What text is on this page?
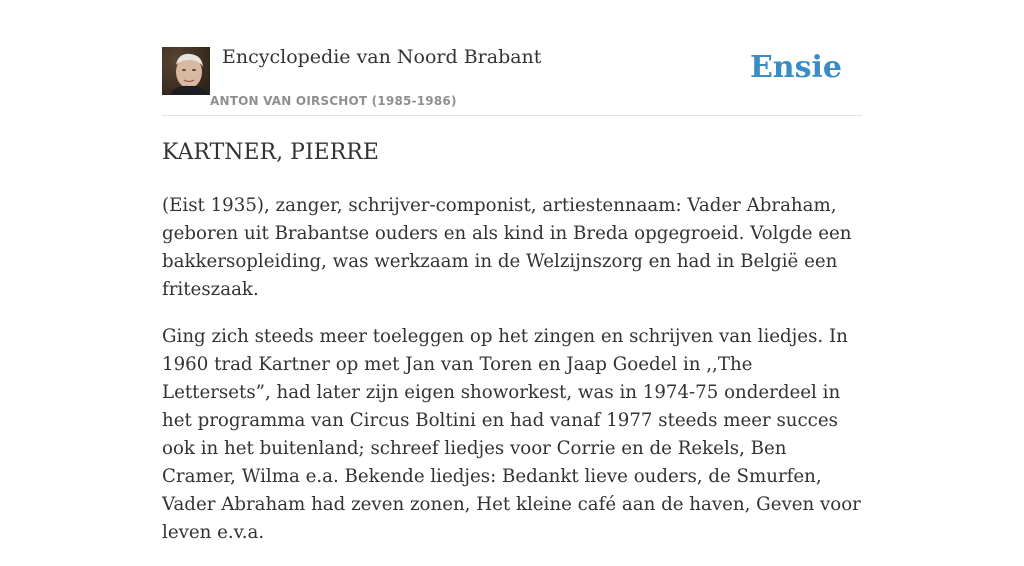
Encyclopedie van Noord Brabant
ANTON VAN OIRSCHOT (1985-1986)
Ensie
KARTNER, PIERRE

(Eist 1935), zanger, schrijver-componist, artiestennaam: Vader Abraham, geboren uit Brabantse ouders en als kind in Breda opgegroeid. Volgde een bakkersopleiding, was werkzaam in de Welzijnszorg en had in België een friteszaak.

Ging zich steeds meer toeleggen op het zingen en schrijven van liedjes. In 1960 trad Kartner op met Jan van Toren en Jaap Goedel in ,,The Lettersets”, had later zijn eigen showorkest, was in 1974-75 onderdeel in het programma van Circus Boltini en had vanaf 1977 steeds meer succes ook in het buitenland; schreef liedjes voor Corrie en de Rekels, Ben Cramer, Wilma e.a. Bekende liedjes: Bedankt lieve ouders, de Smurfen, Vader Abraham had zeven zonen, Het kleine café aan de haven, Geven voor leven e.v.a.
